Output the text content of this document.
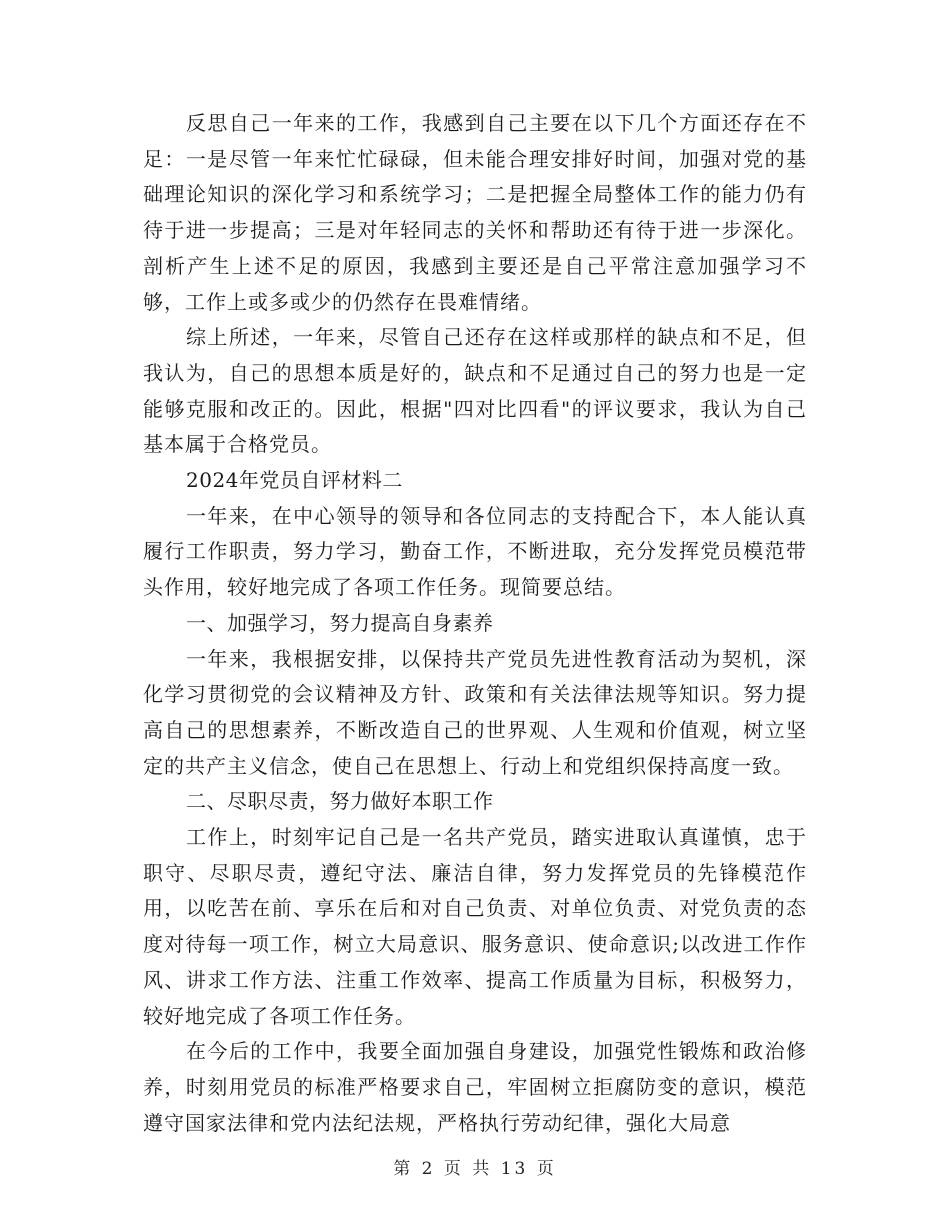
反思自己一年来的工作，我感到自己主要在以下几个方面还存在不足：一是尽管一年来忙忙碌碌，但未能合理安排好时间，加强对党的基础理论知识的深化学习和系统学习；二是把握全局整体工作的能力仍有待于进一步提高；三是对年轻同志的关怀和帮助还有待于进一步深化。剖析产生上述不足的原因，我感到主要还是自己平常注意加强学习不够，工作上或多或少的仍然存在畏难情绪。

综上所述，一年来，尽管自己还存在这样或那样的缺点和不足，但我认为，自己的思想本质是好的，缺点和不足通过自己的努力也是一定能够克服和改正的。因此，根据"四对比四看"的评议要求，我认为自己基本属于合格党员。

2024年党员自评材料二

一年来，在中心领导的领导和各位同志的支持配合下，本人能认真履行工作职责，努力学习，勤奋工作，不断进取，充分发挥党员模范带头作用，较好地完成了各项工作任务。现简要总结。

一、加强学习，努力提高自身素养

一年来，我根据安排，以保持共产党员先进性教育活动为契机，深化学习贯彻党的会议精神及方针、政策和有关法律法规等知识。努力提高自己的思想素养，不断改造自己的世界观、人生观和价值观，树立坚定的共产主义信念，使自己在思想上、行动上和党组织保持高度一致。

二、尽职尽责，努力做好本职工作

工作上，时刻牢记自己是一名共产党员，踏实进取认真谨慎，忠于职守、尽职尽责，遵纪守法、廉洁自律，努力发挥党员的先锋模范作用，以吃苦在前、享乐在后和对自己负责、对单位负责、对党负责的态度对待每一项工作，树立大局意识、服务意识、使命意识;以改进工作作风、讲求工作方法、注重工作效率、提高工作质量为目标，积极努力，较好地完成了各项工作任务。

在今后的工作中，我要全面加强自身建设，加强党性锻炼和政治修养，时刻用党员的标准严格要求自己，牢固树立拒腐防变的意识，模范遵守国家法律和党内法纪法规，严格执行劳动纪律，强化大局意

第 2 页 共 13 页
